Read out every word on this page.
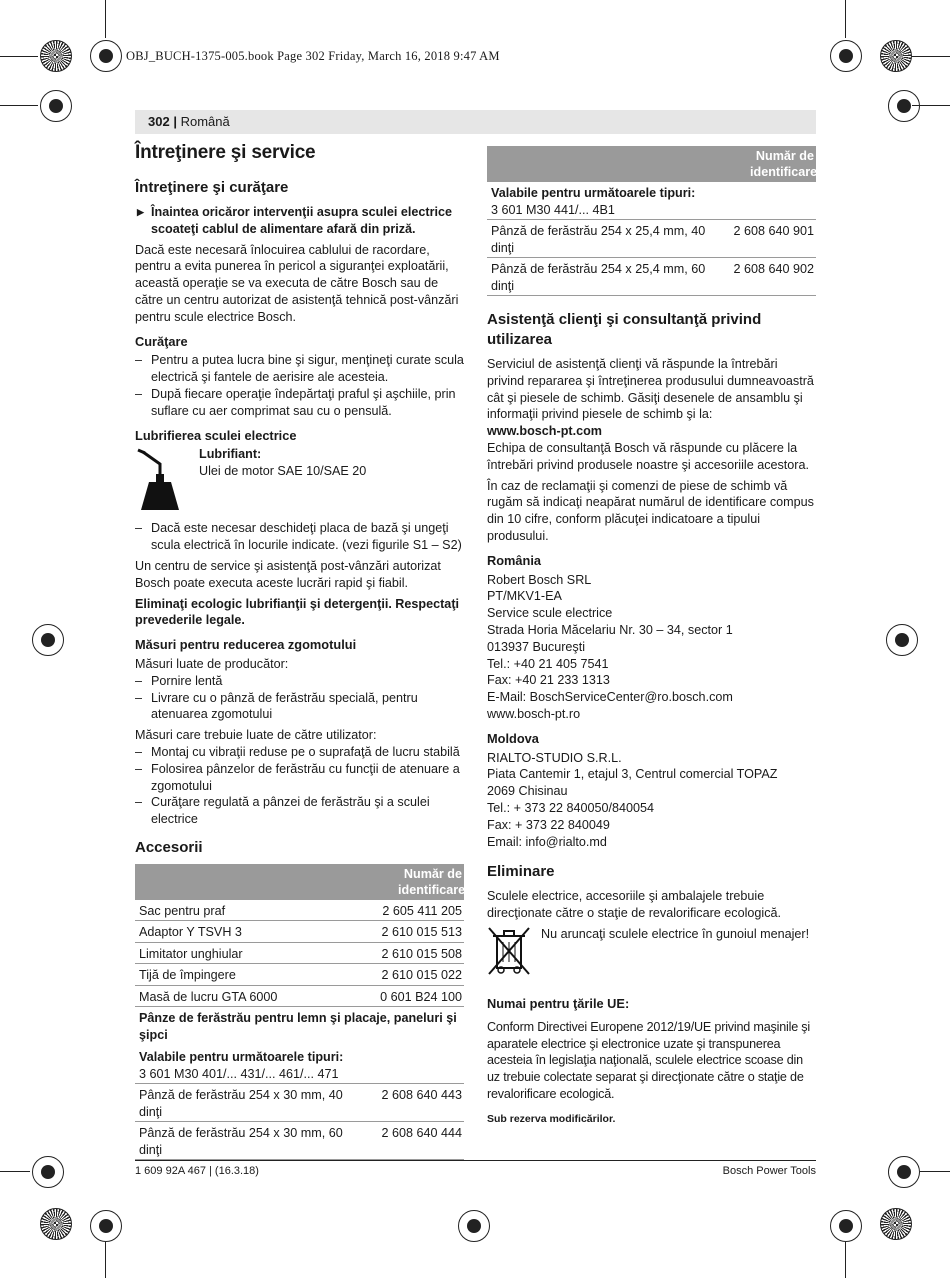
OBJ_BUCH-1375-005.book Page 302 Friday, March 16, 2018 9:47 AM
302 | Română
Întreţinere şi service
Întreţinere şi curăţare

▶ Înaintea oricăror intervenţii asupra sculei electrice scoateţi cablul de alimentare afară din priză.

Dacă este necesară înlocuirea cablului de racordare, pentru a evita punerea în pericol a siguranţei exploatării, această operaţie se va executa de către Bosch sau de către un centru autorizat de asistenţă tehnică post-vânzări pentru scule electrice Bosch.

Curăţare
– Pentru a putea lucra bine şi sigur, menţineţi curate scula electrică şi fantele de aerisire ale acesteia.
– După fiecare operaţie îndepărtaţi praful şi aşchiile, prin suflare cu aer comprimat sau cu o pensulă.
Lubrifierea sculei electrice
Lubrifiant:
Ulei de motor SAE 10/SAE 20
– Dacă este necesar deschideţi placa de bază şi ungeţi scula electrică în locurile indicate. (vezi figurile S1 – S2)

Un centru de service şi asistenţă post-vânzări autorizat Bosch poate executa aceste lucrări rapid şi fiabil.

Eliminaţi ecologic lubrifianţii şi detergenţii. Respectaţi prevederile legale.

Măsuri pentru reducerea zgomotului
Măsuri luate de producător:
– Pornire lentă
– Livrare cu o pânză de ferăstrău specială, pentru atenuarea zgomotului
Măsuri care trebuie luate de către utilizator:
– Montaj cu vibraţii reduse pe o suprafaţă de lucru stabilă
– Folosirea pânzelor de ferăstrău cu funcţii de atenuare a zgomotului
– Curăţare regulată a pânzei de ferăstrău şi a sculei electrice
Accesorii
Număr de identificare	

Sac pentru praf	2 605 411 205
Adaptor Y TSVH 3	2 610 015 513
Limitator unghiular	2 610 015 508
Tijă de împingere	2 610 015 022
Masă de lucru GTA 6000	0 601 B24 100
Pânze de ferăstrău pentru lemn şi placaje, paneluri şi şipci	

Valabile pentru următoarele tipuri:
3 601 M30 401/... 431/... 461/... 471	

Pânză de ferăstrău 254 x 30 mm, 40 dinţi	2 608 640 443
Pânză de ferăstrău 254 x 30 mm, 60 dinţi	2 608 640 444
Număr de identificare	

Valabile pentru următoarele tipuri:
3 601 M30 441/... 4B1	

Pânză de ferăstrău 254 x 25,4 mm, 40 dinţi	2 608 640 901
Pânză de ferăstrău 254 x 25,4 mm, 60 dinţi	2 608 640 902
Asistenţă clienţi şi consultanţă privind utilizarea
Serviciul de asistenţă clienţi vă răspunde la întrebări privind repararea şi întreţinerea produsului dumneavoastră cât şi piesele de schimb. Găsiţi desenele de ansamblu şi informaţii privind piesele de schimb şi la:
www.bosch-pt.com

Echipa de consultanţă Bosch vă răspunde cu plăcere la întrebări privind produsele noastre şi accesoriile acestora.

În caz de reclamaţii şi comenzi de piese de schimb vă rugăm să indicaţi neapărat numărul de identificare compus din 10 cifre, conform plăcuţei indicatoare a tipului produsului.

România
Robert Bosch SRL
PT/MKV1-EA
Service scule electrice
Strada Horia Măcelariu Nr. 30 – 34, sector 1
013937 Bucureşti
Tel.: +40 21 405 7541
Fax: +40 21 233 1313
E-Mail: BoschServiceCenter@ro.bosch.com
www.bosch-pt.ro
Moldova
RIALTO-STUDIO S.R.L.
Piata Cantemir 1, etajul 3, Centrul comercial TOPAZ
2069 Chisinau
Tel.: + 373 22 840050/840054
Fax: + 373 22 840049
Email: info@rialto.md
Eliminare

Sculele electrice, accesoriile şi ambalajele trebuie direcţionate către o staţie de revalorificare ecologică.

Nu aruncaţi sculele electrice în gunoiul menajer!
Numai pentru ţările UE:

Conform Directivei Europene 2012/19/UE privind maşinile şi aparatele electrice şi electronice uzate şi transpunerea acesteia în legislaţia naţională, sculele electrice scoase din uz trebuie colectate separat şi direcţionate către o staţie de revalorificare ecologică.

Sub rezerva modificărilor.
1 609 92A 467 | (16.3.18)	Bosch Power Tools
